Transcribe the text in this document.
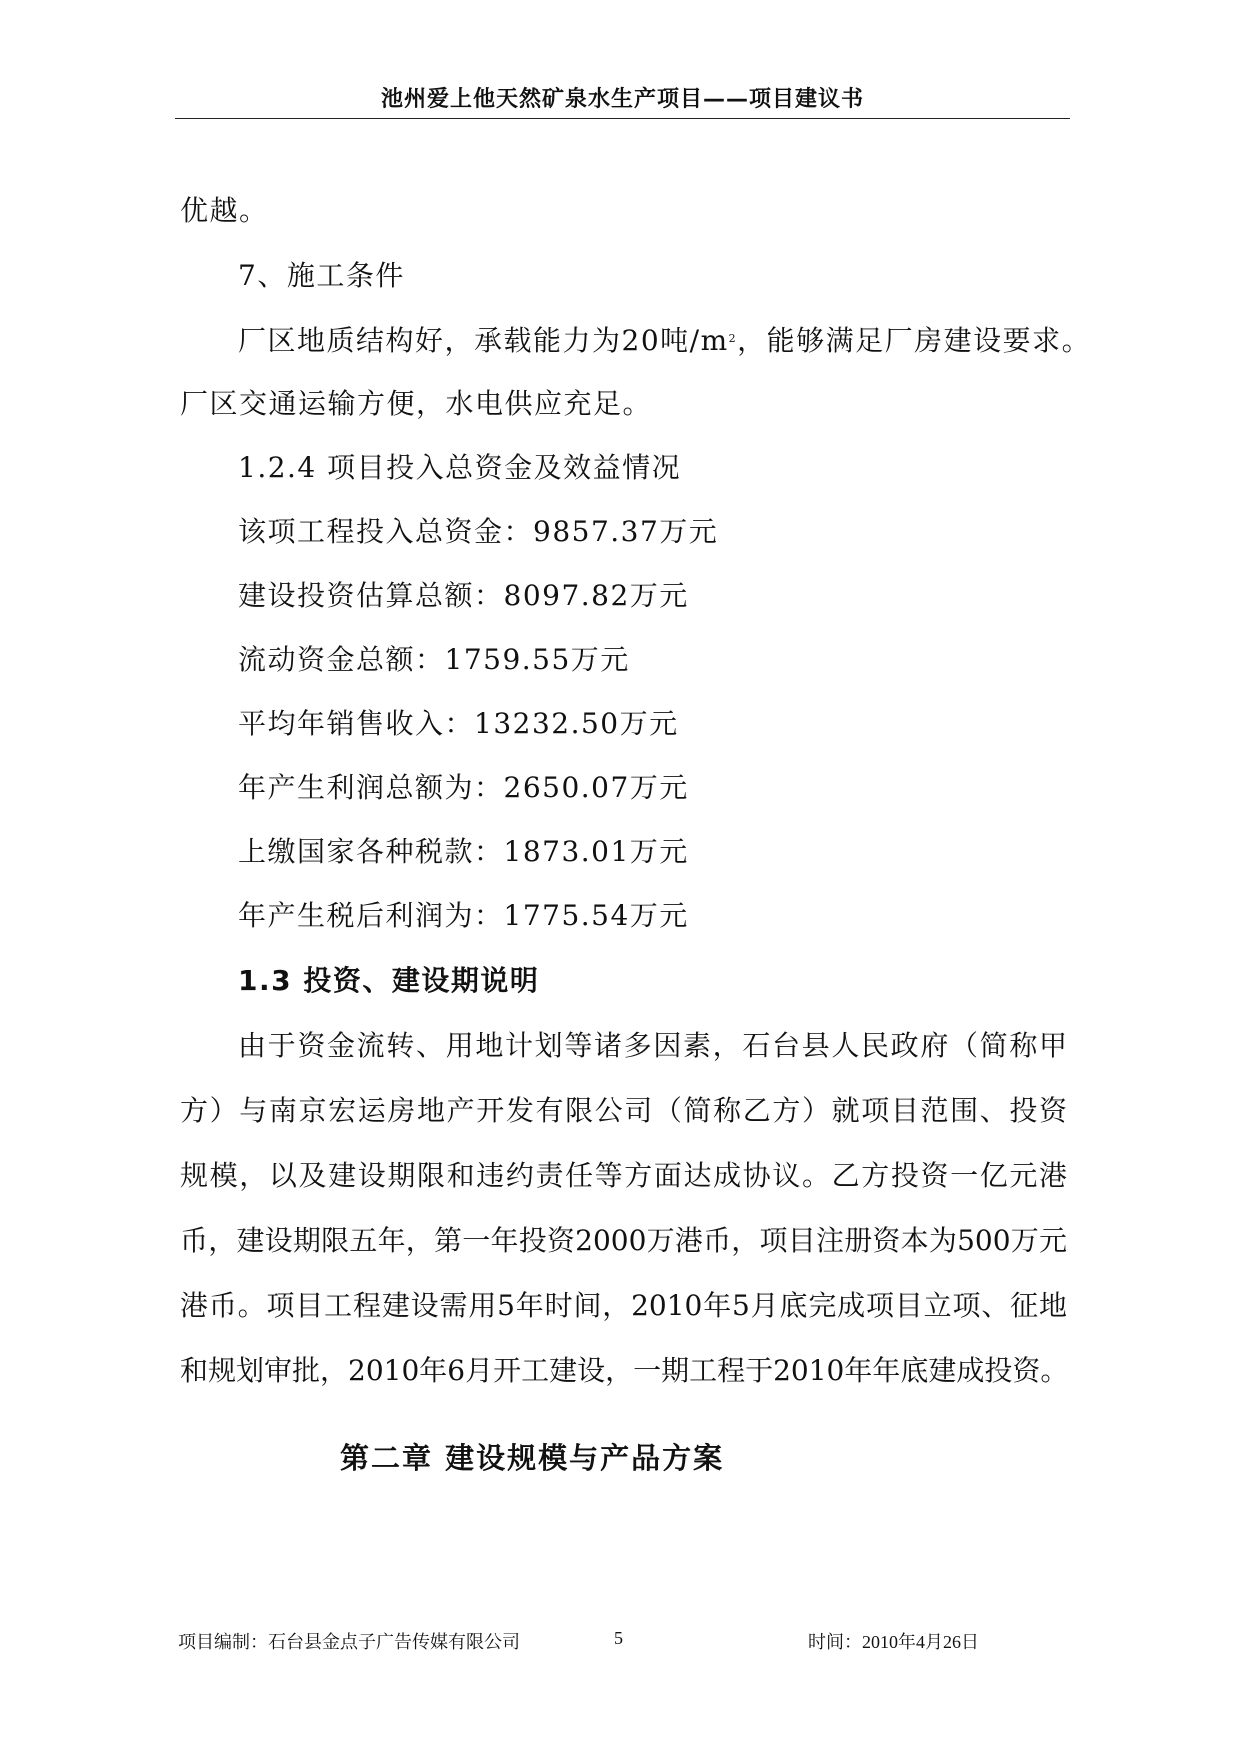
池州爱上他天然矿泉水生产项目——项目建议书
优越。
7、施工条件
厂区地质结构好，承载能力为20吨$/m^2$，能够满足厂房建设要求。
厂区交通运输方便，水电供应充足。
1.2.4 项目投入总资金及效益情况
该项工程投入总资金：9857.37万元
建设投资估算总额：8097.82万元
流动资金总额：1759.55万元
平均年销售收入：13232.50万元
年产生利润总额为：2650.07万元
上缴国家各种税款：1873.01万元
年产生税后利润为：1775.54万元
1.3 投资、建设期说明
由于资金流转、用地计划等诸多因素，石台县人民政府（简称甲
方）与南京宏运房地产开发有限公司（简称乙方）就项目范围、投资
规模，以及建设期限和违约责任等方面达成协议。乙方投资一亿元港
币，建设期限五年，第一年投资2000万港币，项目注册资本为500万元
港币。项目工程建设需用5年时间，2010年5月底完成项目立项、征地
和规划审批，2010年6月开工建设，一期工程于2010年年底建成投资。
第二章 建设规模与产品方案
项目编制：石台县金点子广告传媒有限公司	5	时间：2010年4月26日
